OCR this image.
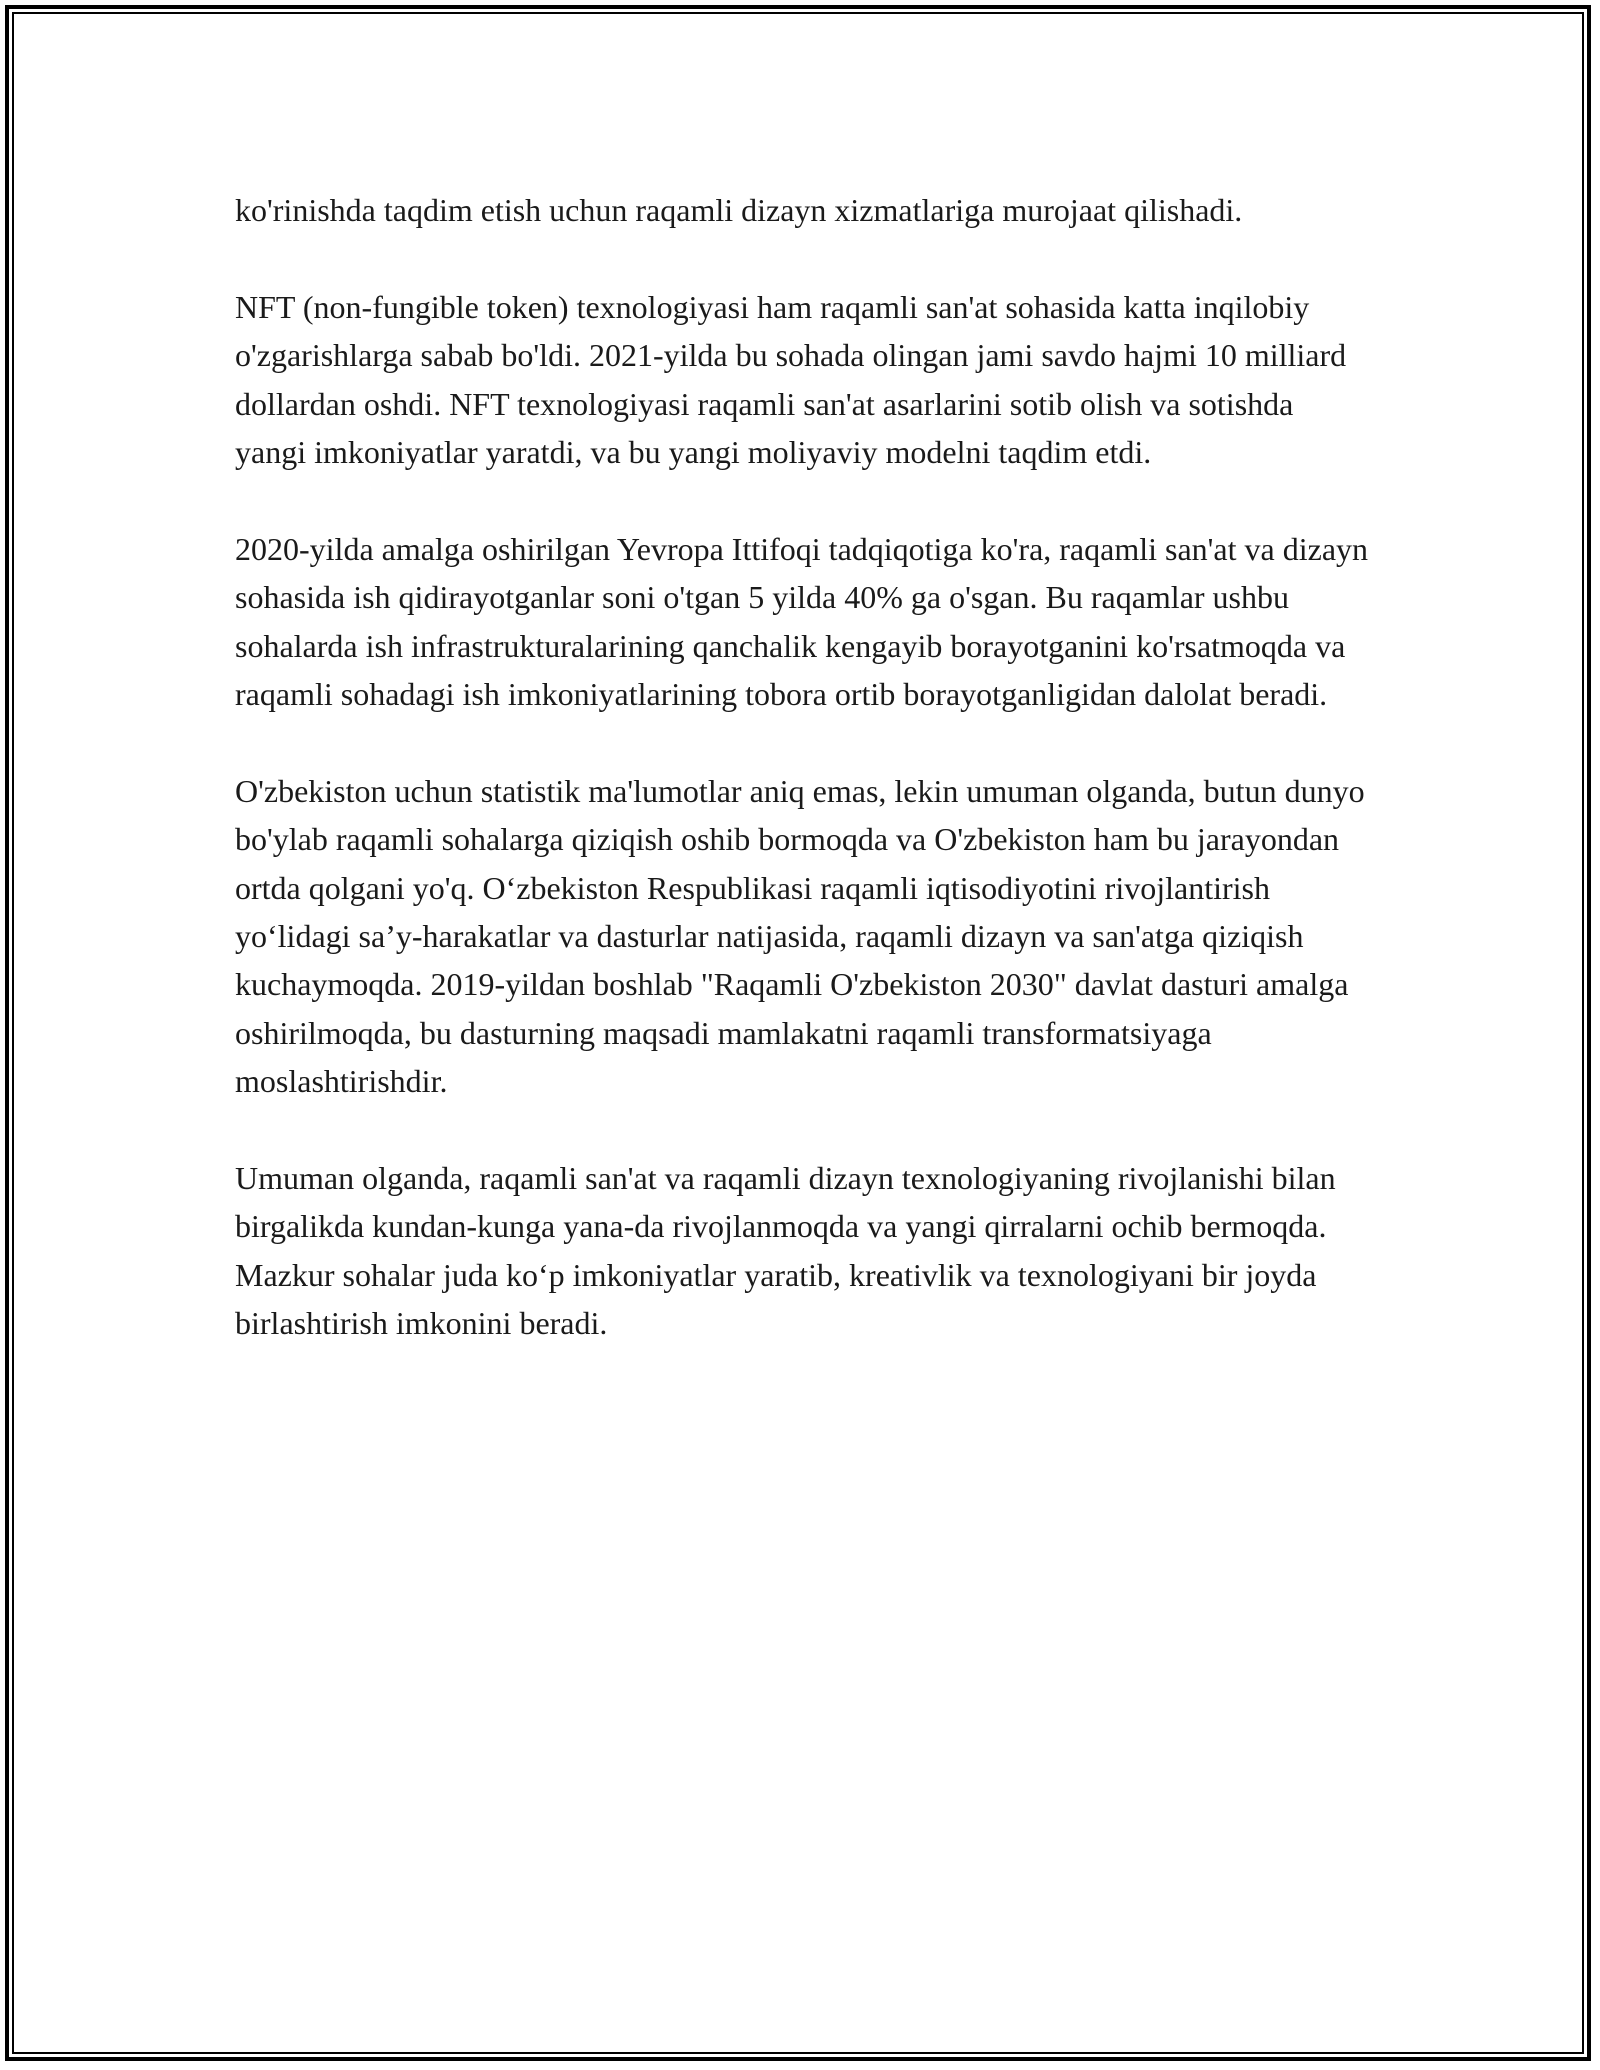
ko'rinishda taqdim etish uchun raqamli dizayn xizmatlariga murojaat qilishadi.

NFT (non-fungible token) texnologiyasi ham raqamli san'at sohasida katta inqilobiy o'zgarishlarga sabab bo'ldi. 2021-yilda bu sohada olingan jami savdo hajmi 10 milliard dollardan oshdi. NFT texnologiyasi raqamli san'at asarlarini sotib olish va sotishda yangi imkoniyatlar yaratdi, va bu yangi moliyaviy modelni taqdim etdi.

2020-yilda amalga oshirilgan Yevropa Ittifoqi tadqiqotiga ko'ra, raqamli san'at va dizayn sohasida ish qidirayotganlar soni o'tgan 5 yilda 40% ga o'sgan. Bu raqamlar ushbu sohalarda ish infrastrukturalarining qanchalik kengayib borayotganini ko'rsatmoqda va raqamli sohadagi ish imkoniyatlarining tobora ortib borayotganligidan dalolat beradi.

O'zbekiston uchun statistik ma'lumotlar aniq emas, lekin umuman olganda, butun dunyo bo'ylab raqamli sohalarga qiziqish oshib bormoqda va O'zbekiston ham bu jarayondan ortda qolgani yo'q. O‘zbekiston Respublikasi raqamli iqtisodiyotini rivojlantirish yo‘lidagi sa’y-harakatlar va dasturlar natijasida, raqamli dizayn va san'atga qiziqish kuchaymoqda. 2019-yildan boshlab "Raqamli O'zbekiston 2030" davlat dasturi amalga oshirilmoqda, bu dasturning maqsadi mamlakatni raqamli transformatsiyaga moslashtirishdir.

Umuman olganda, raqamli san'at va raqamli dizayn texnologiyaning rivojlanishi bilan birgalikda kundan-kunga yana-da rivojlanmoqda va yangi qirralarni ochib bermoqda. Mazkur sohalar juda ko‘p imkoniyatlar yaratib, kreativlik va texnologiyani bir joyda birlashtirish imkonini beradi.
